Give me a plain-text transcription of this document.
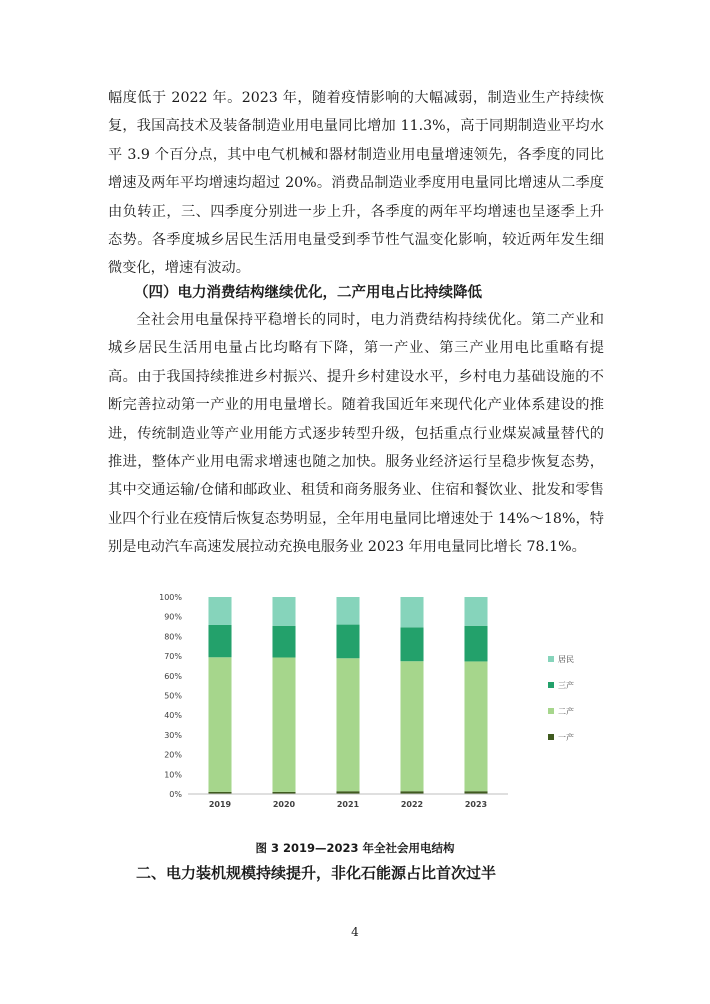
幅度低于 2022 年。2023 年，随着疫情影响的大幅减弱，制造业生产持续恢复，我国高技术及装备制造业用电量同比增加 11.3%，高于同期制造业平均水平 3.9 个百分点，其中电气机械和器材制造业用电量增速领先，各季度的同比增速及两年平均增速均超过 20%。消费品制造业季度用电量同比增速从二季度由负转正，三、四季度分别进一步上升，各季度的两年平均增速也呈逐季上升态势。各季度城乡居民生活用电量受到季节性气温变化影响，较近两年发生细微变化，增速有波动。

（四）电力消费结构继续优化，二产用电占比持续降低

全社会用电量保持平稳增长的同时，电力消费结构持续优化。第二产业和城乡居民生活用电量占比均略有下降，第一产业、第三产业用电比重略有提高。由于我国持续推进乡村振兴、提升乡村建设水平，乡村电力基础设施的不断完善拉动第一产业的用电量增长。随着我国近年来现代化产业体系建设的推进，传统制造业等产业用能方式逐步转型升级，包括重点行业煤炭减量替代的推进，整体产业用电需求增速也随之加快。服务业经济运行呈稳步恢复态势，其中交通运输/仓储和邮政业、租赁和商务服务业、住宿和餐饮业、批发和零售业四个行业在疫情后恢复态势明显，全年用电量同比增速处于 14%～18%，特别是电动汽车高速发展拉动充换电服务业 2023 年用电量同比增长 78.1%。

0%
10%
20%
30%
40%
50%
60%
70%
80%
90%
100%
2019	2020	2021	2022	2023
居民
三产
二产
一产
图 3 2019—2023 年全社会用电结构
二、电力装机规模持续提升，非化石能源占比首次过半
4
